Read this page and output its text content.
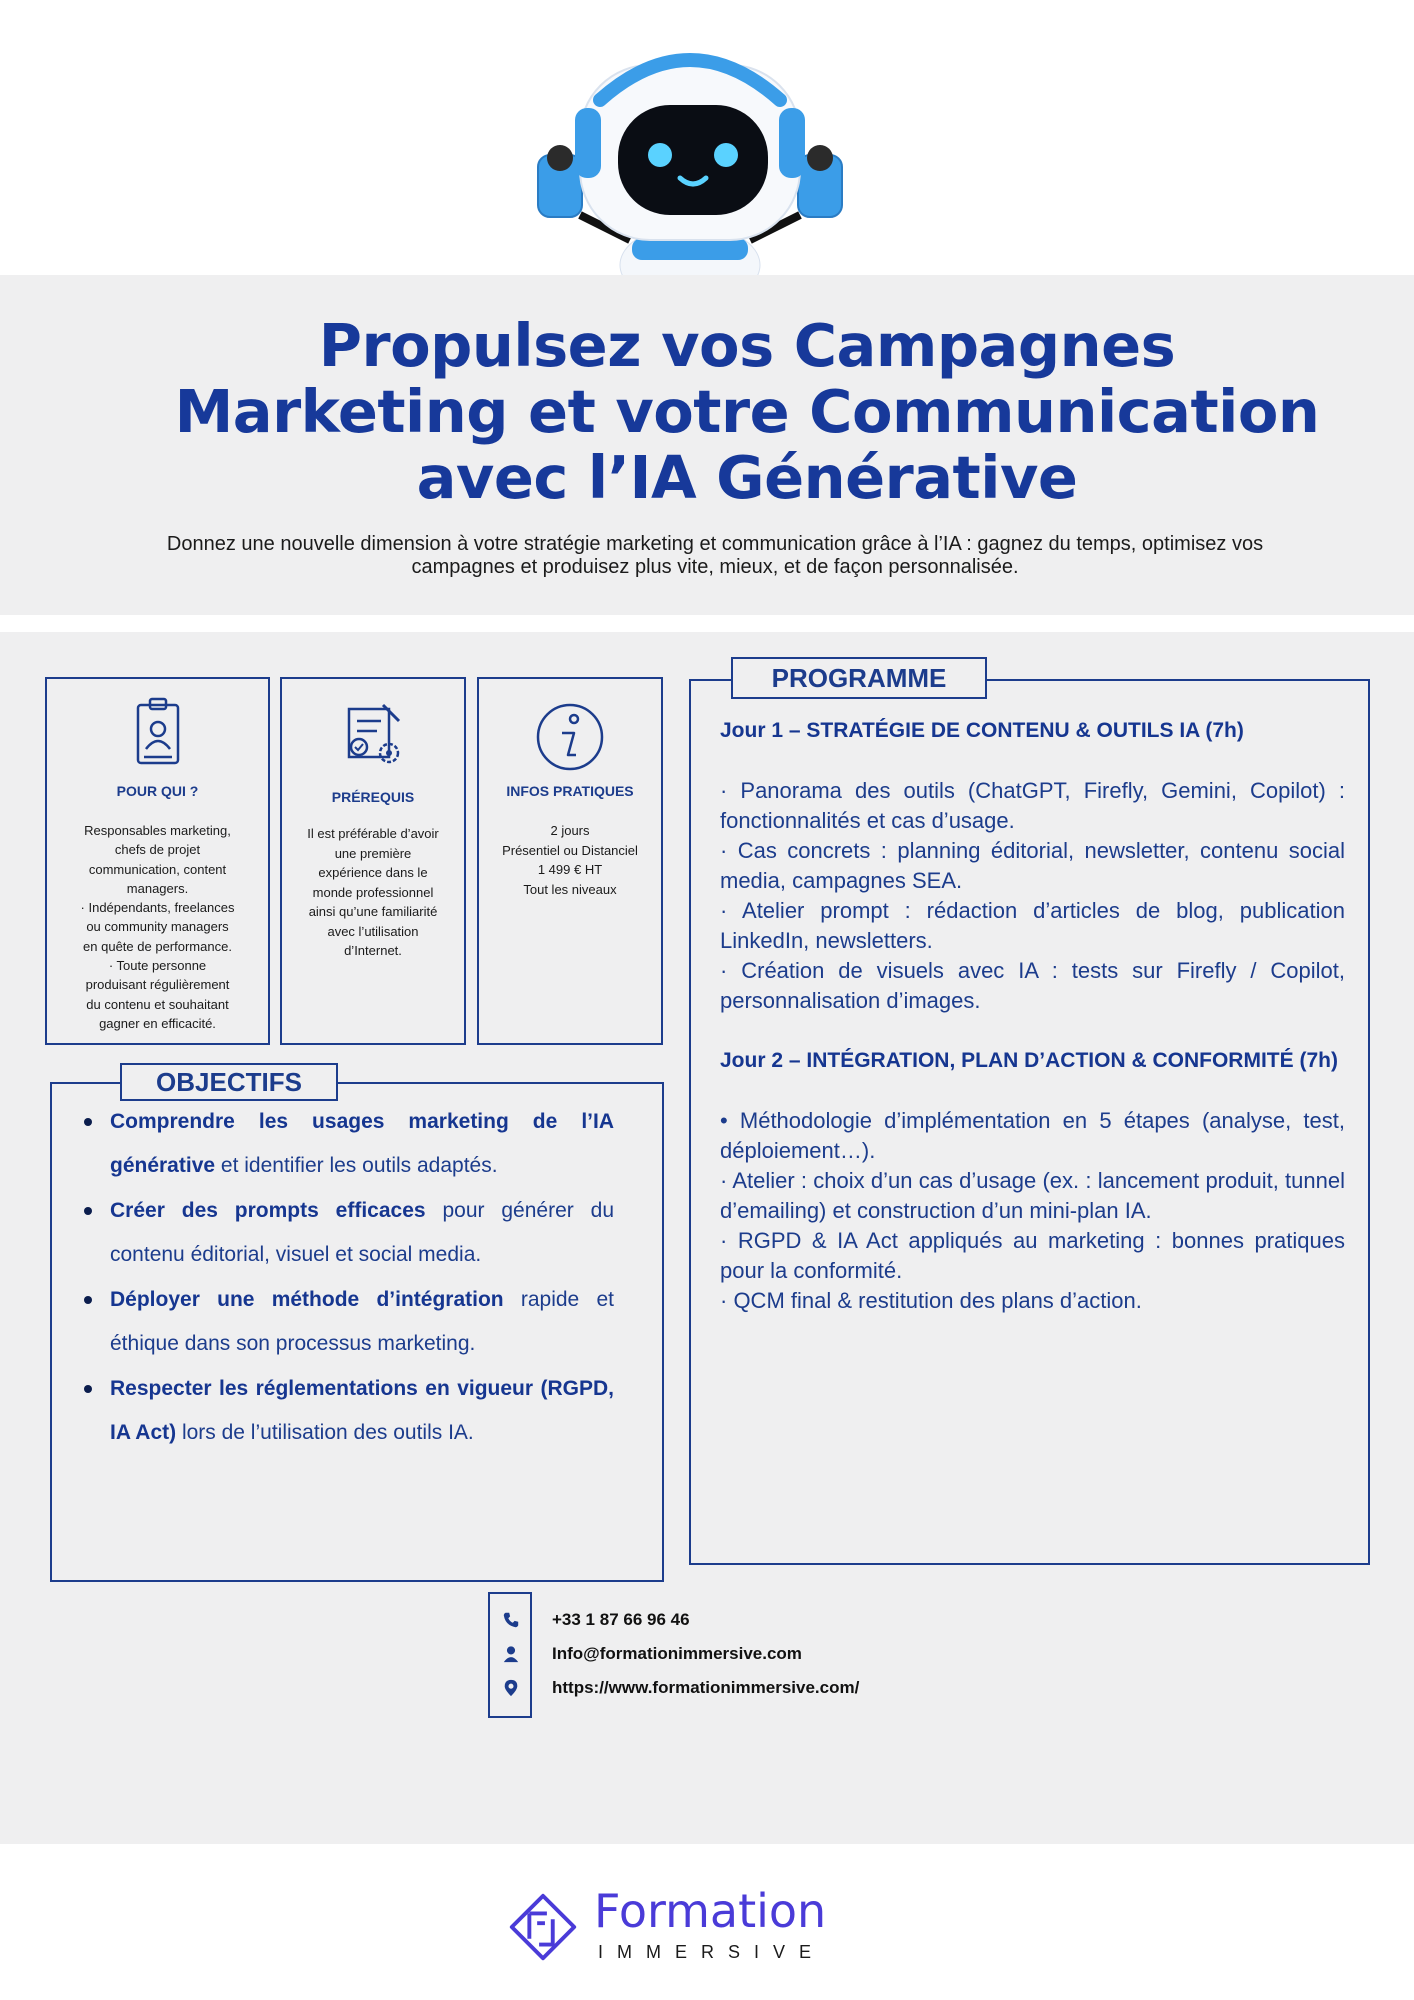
Propulsez vos Campagnes
Marketing et votre Communication
avec l’IA Générative
Donnez une nouvelle dimension à votre stratégie marketing et communication grâce à l’IA : gagnez du temps, optimisez vos campagnes et produisez plus vite, mieux, et de façon personnalisée.
POUR QUI ?
Responsables marketing,
chefs de projet
communication, content
managers.
· Indépendants, freelances
ou community managers
en quête de performance.
· Toute personne
produisant régulièrement
du contenu et souhaitant
gagner en efficacité.
PRÉREQUIS
Il est préférable d’avoir
une première
expérience dans le
monde professionnel
ainsi qu’une familiarité
avec l’utilisation
d’Internet.
INFOS PRATIQUES
2 jours
Présentiel ou Distanciel
1 499 € HT
Tout les niveaux
OBJECTIFS
Comprendre les usages marketing de l’IA générative et identifier les outils adaptés.
Créer des prompts efficaces pour générer du contenu éditorial, visuel et social media.
Déployer une méthode d’intégration rapide et éthique dans son processus marketing.
Respecter les réglementations en vigueur (RGPD, IA Act) lors de l’utilisation des outils IA.
PROGRAMME
Jour 1 – STRATÉGIE DE CONTENU & OUTILS IA (7h)
· Panorama des outils (ChatGPT, Firefly, Gemini, Copilot) : fonctionnalités et cas d’usage.
· Cas concrets : planning éditorial, newsletter, contenu social media, campagnes SEA.
· Atelier prompt : rédaction d’articles de blog, publication LinkedIn, newsletters.
· Création de visuels avec IA : tests sur Firefly / Copilot, personnalisation d’images.
Jour 2 – INTÉGRATION, PLAN D’ACTION & CONFORMITÉ (7h)
• Méthodologie d’implémentation en 5 étapes (analyse, test, déploiement…).
· Atelier : choix d’un cas d’usage (ex. : lancement produit, tunnel d’emailing) et construction d’un mini-plan IA.
· RGPD & IA Act appliqués au marketing : bonnes pratiques pour la conformité.
· QCM final & restitution des plans d’action.
+33 1 87 66 96 46
Info@formationimmersive.com
https://www.formationimmersive.com/
Formation
IMMERSIVE
